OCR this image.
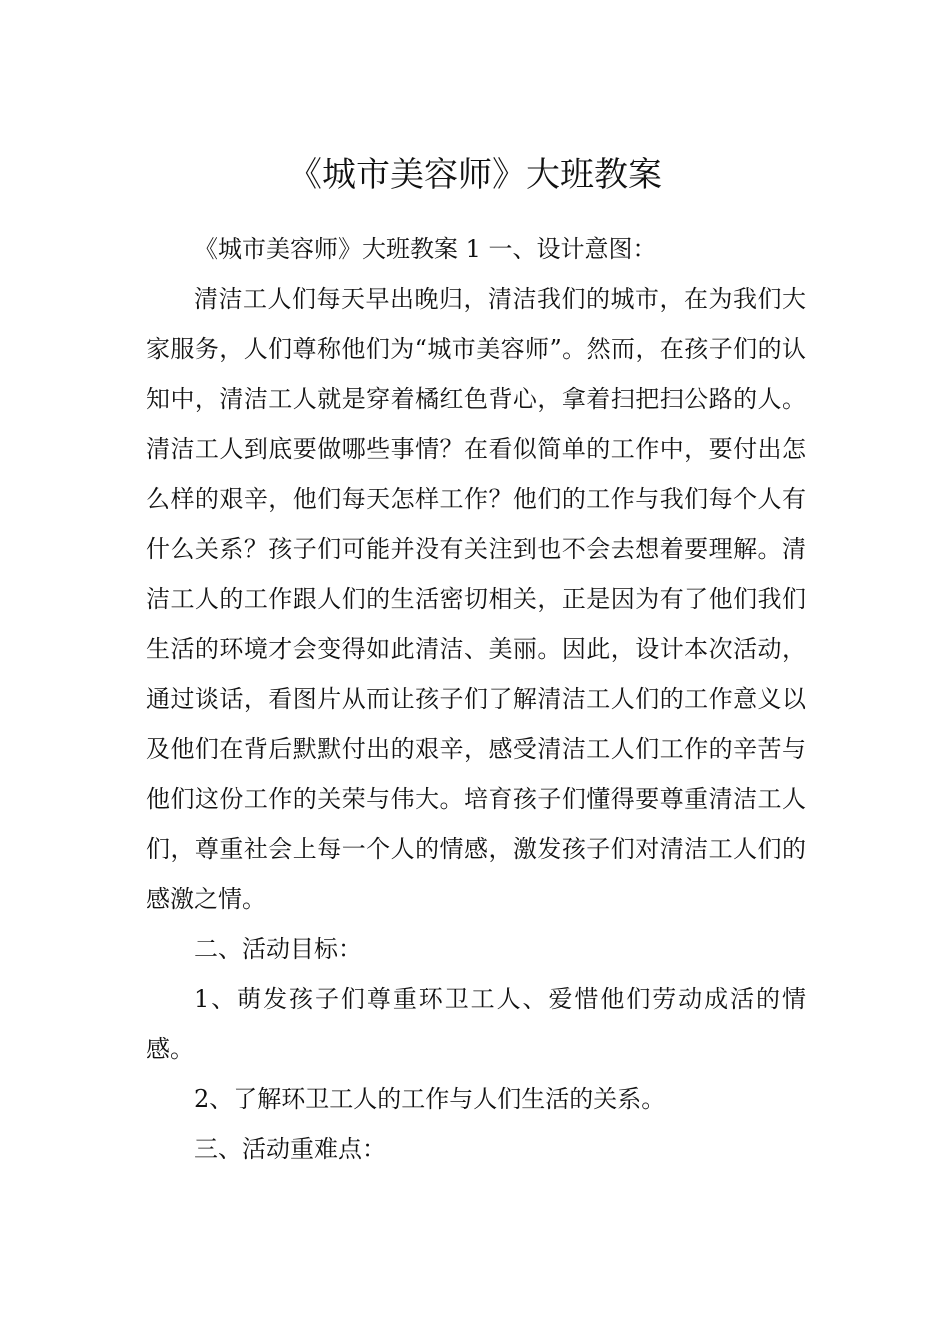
《城市美容师》大班教案

《城市美容师》大班教案 1 一、设计意图：

清洁工人们每天早出晚归，清洁我们的城市，在为我们大家服务，人们尊称他们为“城市美容师”。然而，在孩子们的认知中，清洁工人就是穿着橘红色背心，拿着扫把扫公路的人。清洁工人到底要做哪些事情？在看似简单的工作中，要付出怎么样的艰辛，他们每天怎样工作？他们的工作与我们每个人有什么关系？孩子们可能并没有关注到也不会去想着要理解。清洁工人的工作跟人们的生活密切相关，正是因为有了他们我们生活的环境才会变得如此清洁、美丽。因此，设计本次活动，通过谈话，看图片从而让孩子们了解清洁工人们的工作意义以及他们在背后默默付出的艰辛，感受清洁工人们工作的辛苦与他们这份工作的关荣与伟大。培育孩子们懂得要尊重清洁工人们，尊重社会上每一个人的情感，激发孩子们对清洁工人们的感激之情。

二、活动目标：

1、萌发孩子们尊重环卫工人、爱惜他们劳动成活的情感。

2、了解环卫工人的工作与人们生活的关系。

三、活动重难点：
